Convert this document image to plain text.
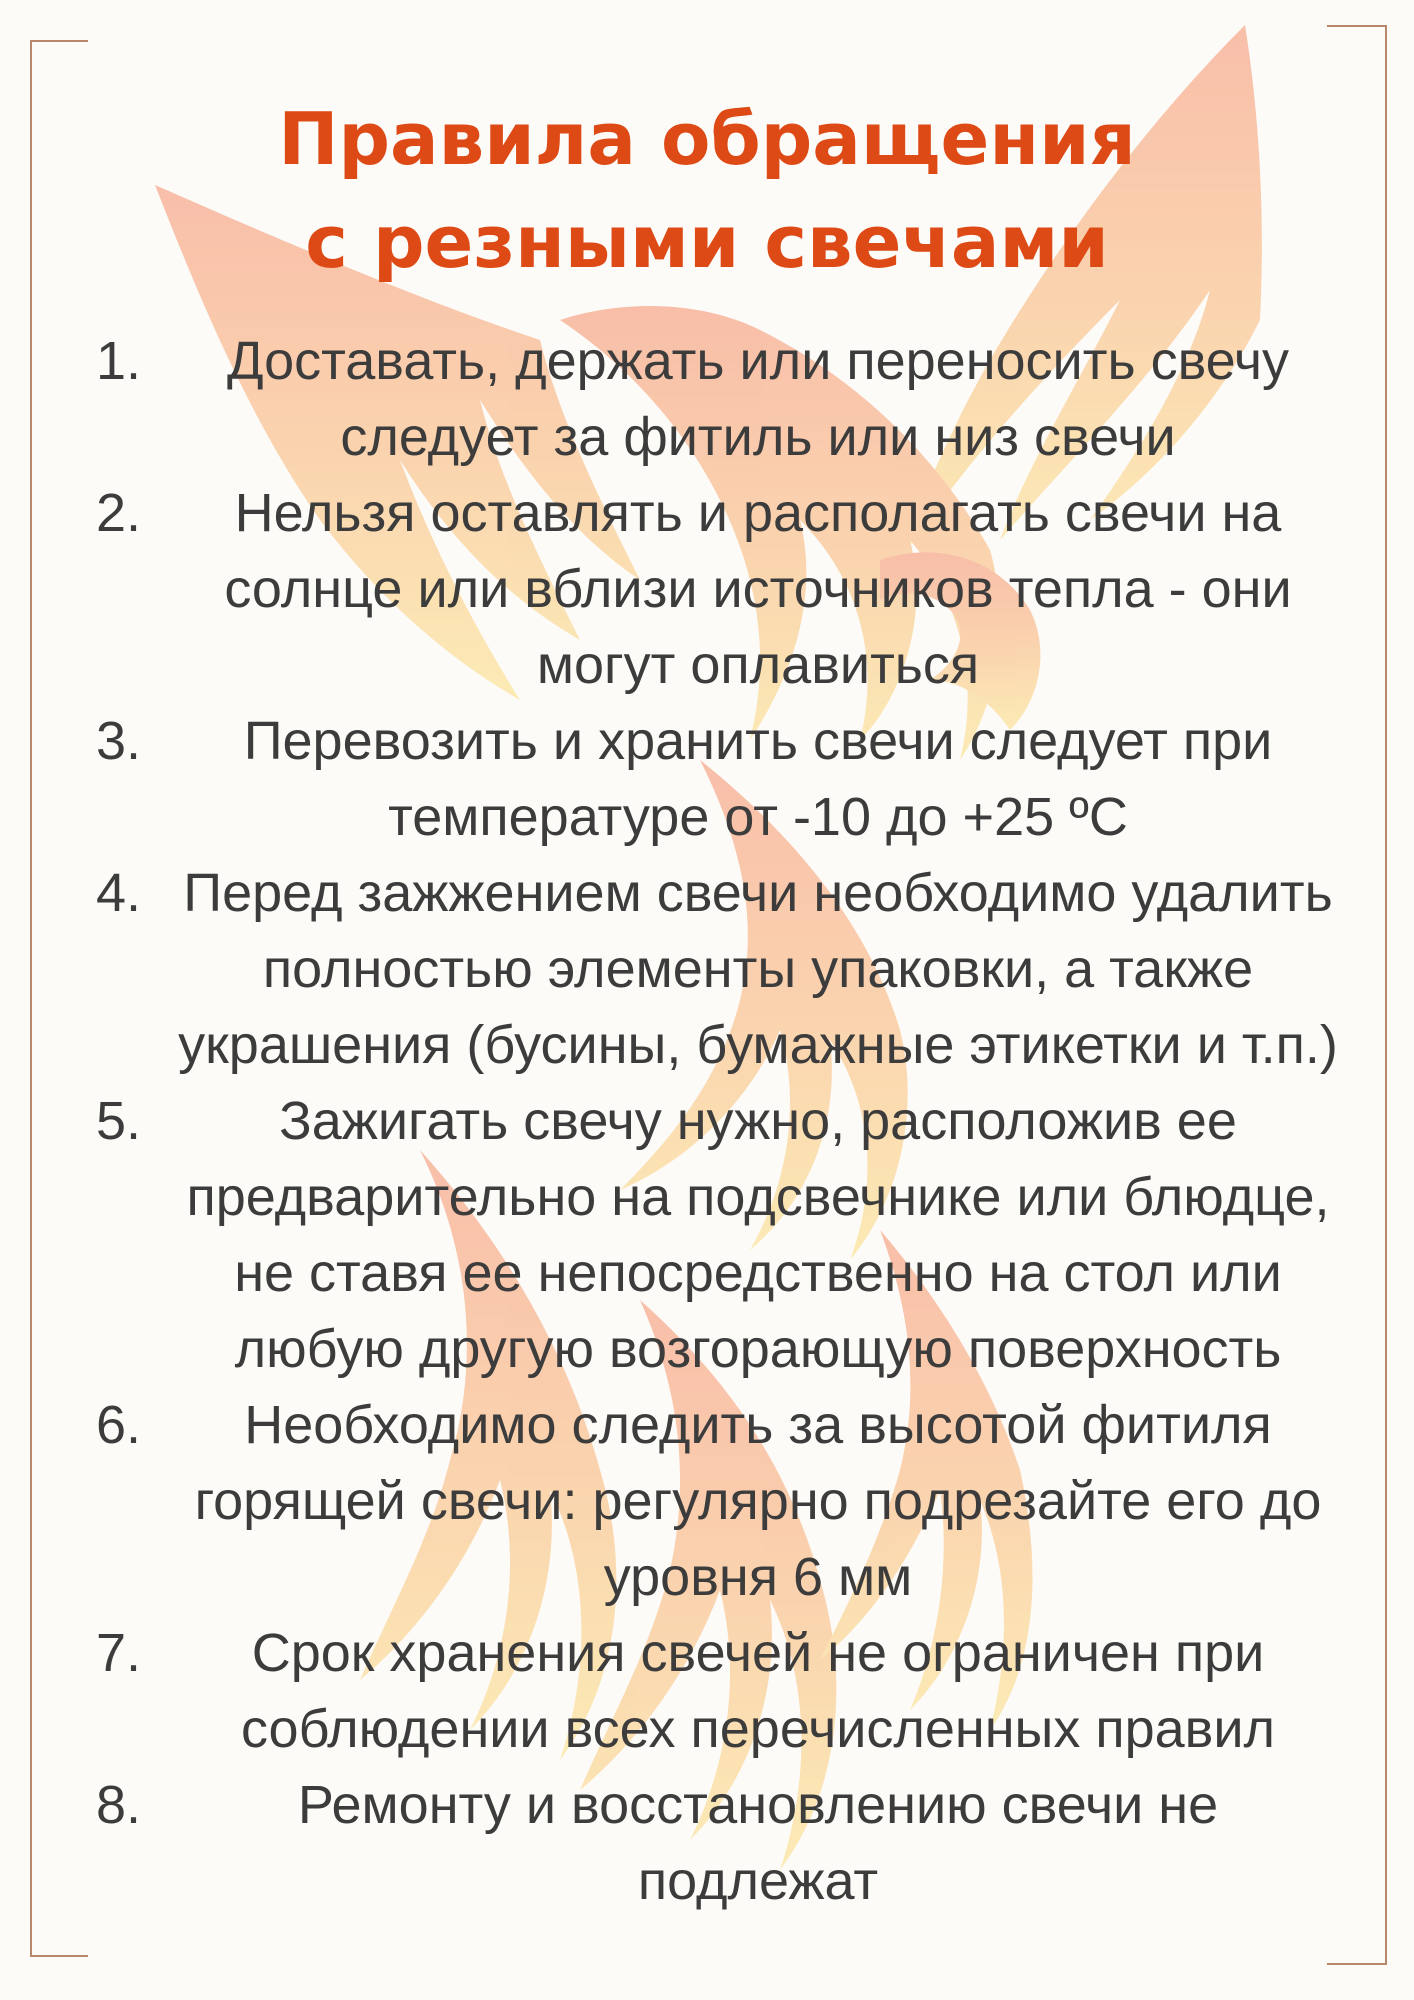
Правила обращения
с резными свечами
1.	Доставать, держать или переносить свечу
следует за фитиль или низ свечи
2.	Нельзя оставлять и располагать свечи на
солнце или вблизи источников тепла - они
могут оплавиться
3.	Перевозить и хранить свечи следует при
температуре от -10 до +25 ºС
4. Перед зажжением свечи необходимо удалить
полностью элементы упаковки, а также
украшения (бусины, бумажные этикетки и т.п.)
5.	Зажигать свечу нужно, расположив ее
предварительно на подсвечнике или блюдце,
не ставя ее непосредственно на стол или
любую другую возгорающую поверхность
6.	Необходимо следить за высотой фитиля
горящей свечи: регулярно подрезайте его до
уровня 6 мм
7.	Срок хранения свечей не ограничен при
соблюдении всех перечисленных правил
8.	Ремонту и восстановлению свечи не
подлежат
